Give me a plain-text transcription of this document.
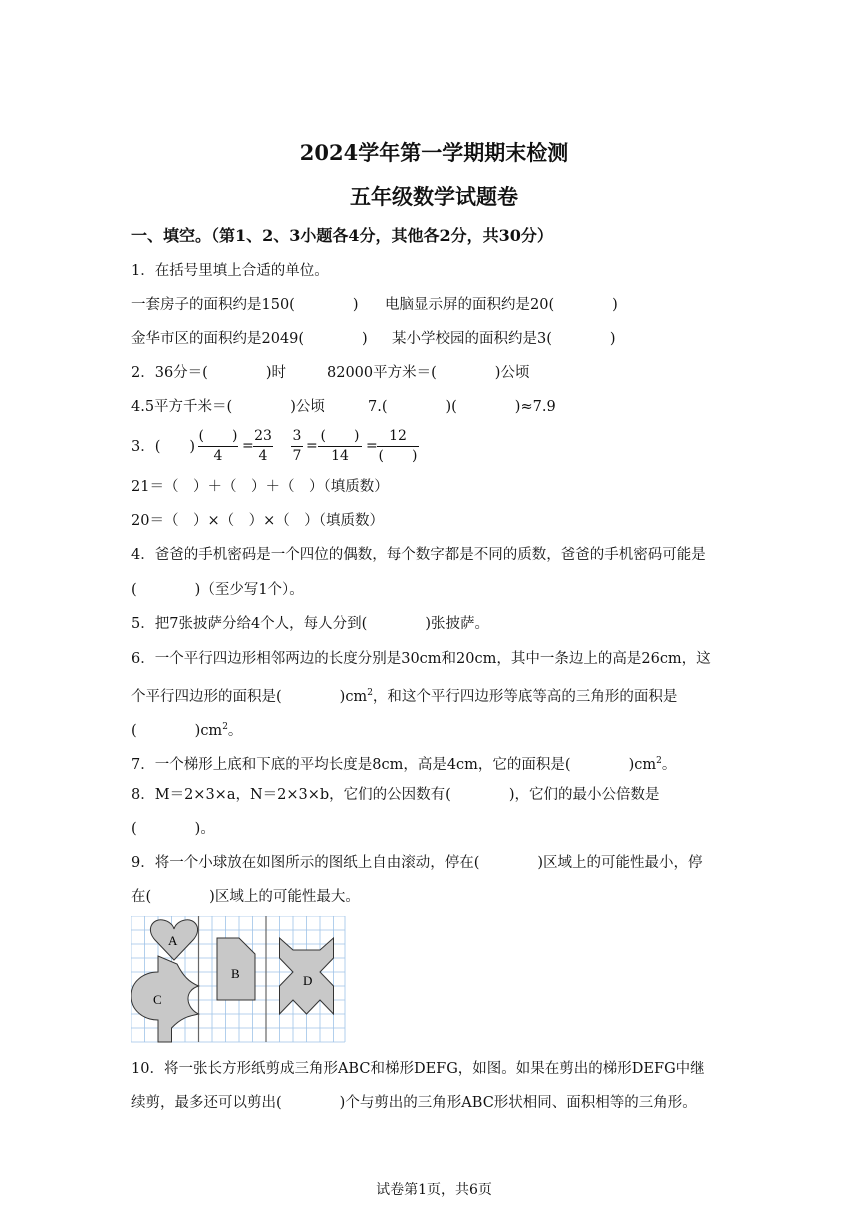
2024学年第一学期期末检测
五年级数学试题卷
一、填空。（第1、2、3小题各4分，其他各2分，共30分）
1．在括号里填上合适的单位。
一套房子的面积约是150(　　　　) 电脑显示屏的面积约是20(　　　　)
金华市区的面积约是2049(　　　　) 某小学校园的面积约是3(　　　　)
2．36分＝(　　　　)时	82000平方米＝(　　　　)公顷
4.5平方千米＝(　　　　)公顷	7.(　　　　)(　　　　)≈7.9
3．(　　)
(　　)
4
=
23
4
3
7
=
(　　)
14
=
12
(　　)
21＝（　）＋（　）＋（　）（填质数）
20＝（　）×（　）×（　）（填质数）
4．爸爸的手机密码是一个四位的偶数，每个数字都是不同的质数，爸爸的手机密码可能是
(　　　　)（至少写1个）。
5．把7张披萨分给4个人，每人分到(　　　　)张披萨。
6．一个平行四边形相邻两边的长度分别是30cm和20cm，其中一条边上的高是26cm，这
个平行四边形的面积是(　　　　)$cm^2$，和这个平行四边形等底等高的三角形的面积是
(　　　　)$cm^2$。
7．一个梯形上底和下底的平均长度是8cm，高是4cm，它的面积是(　　　　)$cm^2$。
8．M＝2×3×a，N＝2×3×b，它们的公因数有(　　　　)，它们的最小公倍数是
(　　　　)。
9．将一个小球放在如图所示的图纸上自由滚动，停在(　　　　)区域上的可能性最小，停
在(　　　　)区域上的可能性最大。
A
B
C
D
10．将一张长方形纸剪成三角形ABC和梯形DEFG，如图。如果在剪出的梯形DEFG中继
续剪，最多还可以剪出(　　　　)个与剪出的三角形ABC形状相同、面积相等的三角形。
试卷第1页，共6页
